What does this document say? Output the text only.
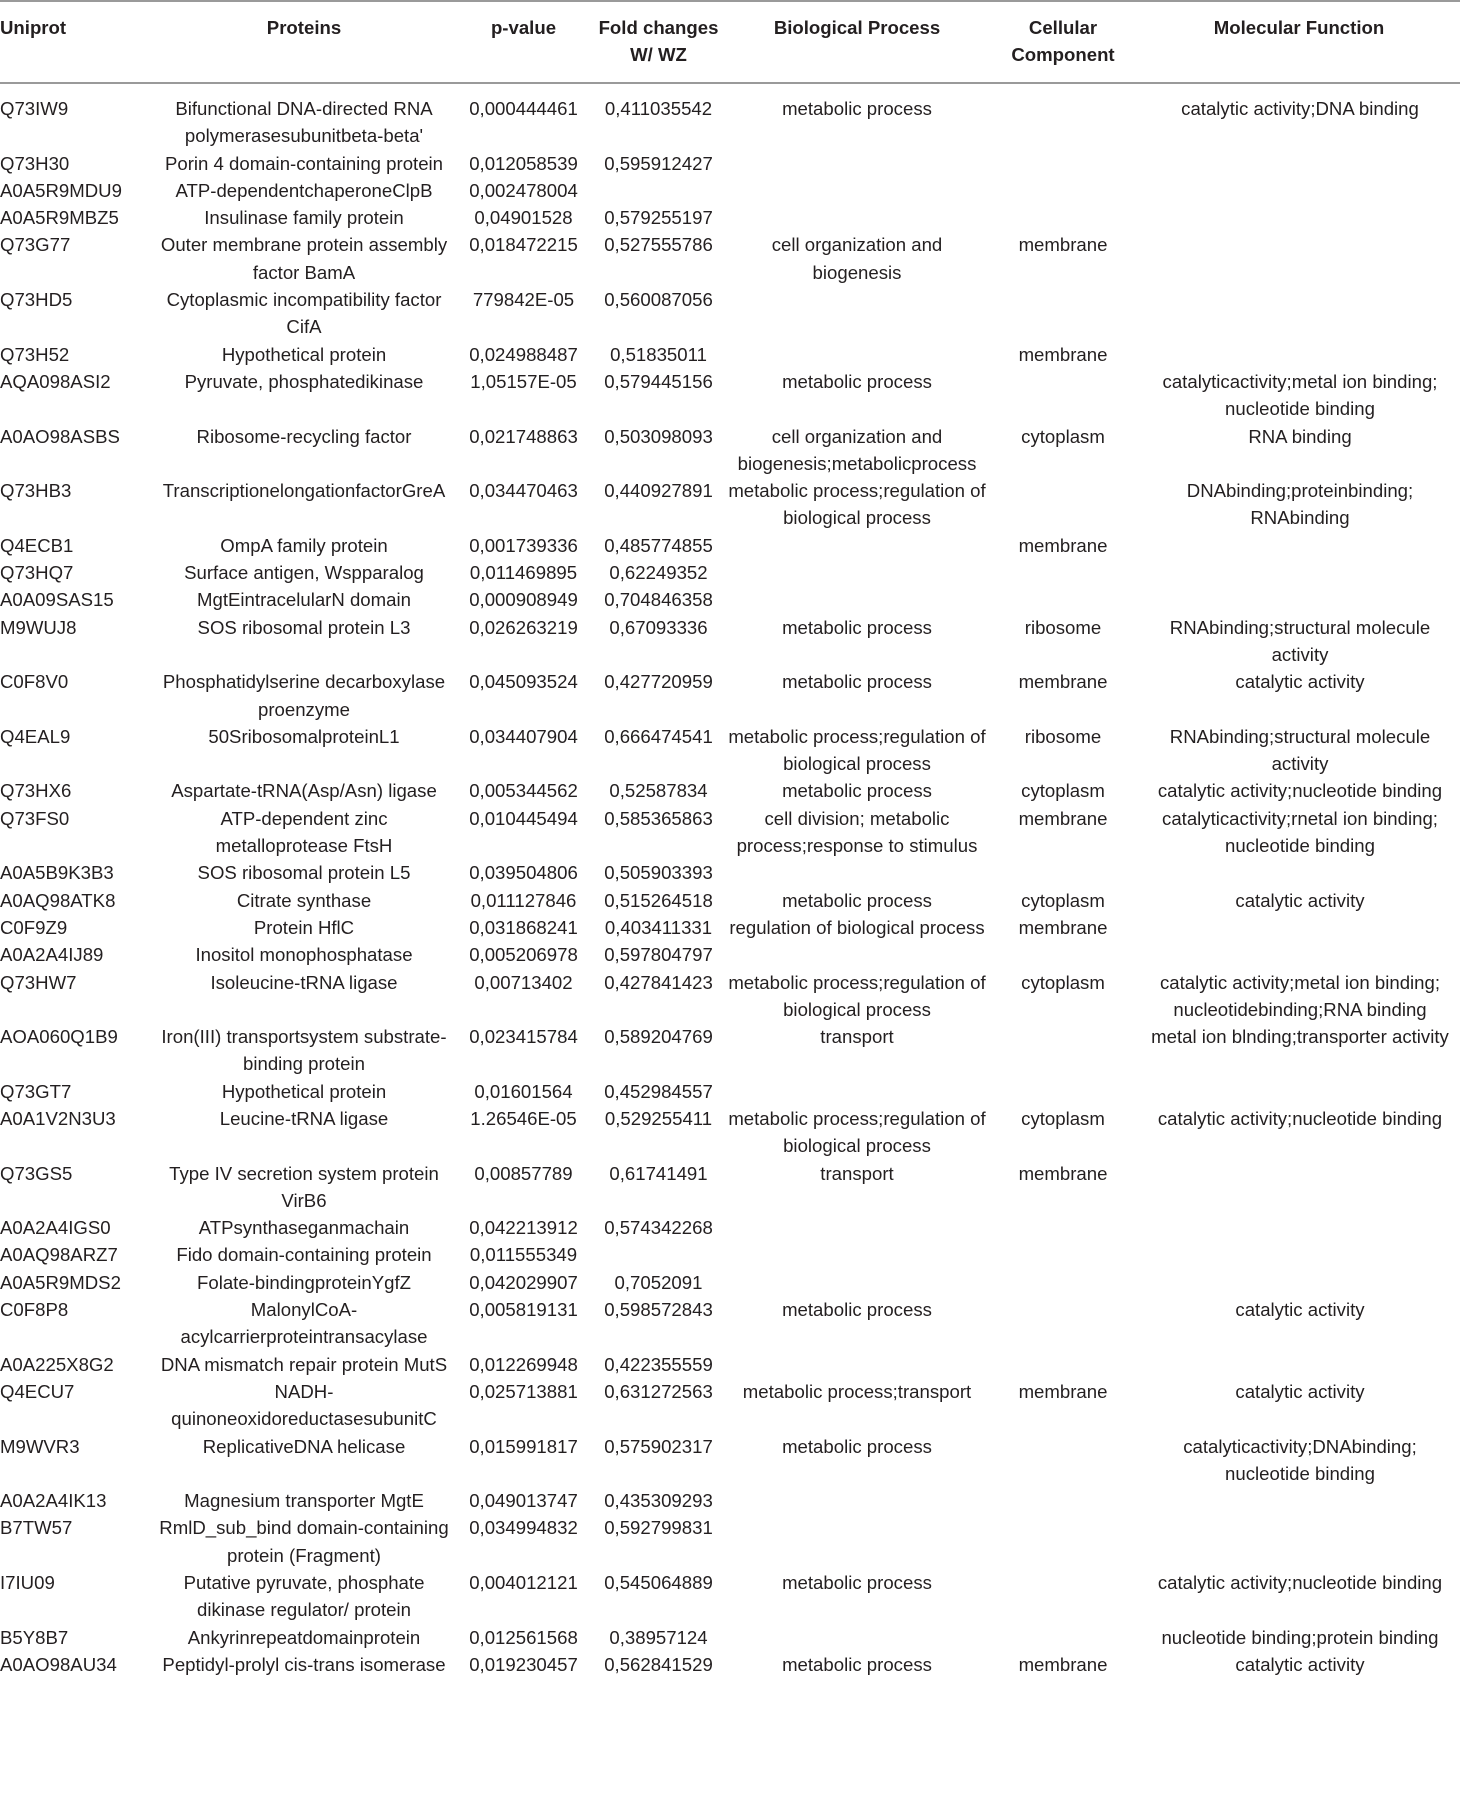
Uniprot	Proteins	p-value	Fold changes W/ WZ	Biological Process	Cellular Component	Molecular Function
Q73IW9	Bifunctional DNA-directed RNA polymerasesubunitbeta-beta'	0,000444461	0,411035542	metabolic process		catalytic activity;DNA binding
Q73H30	Porin 4 domain-containing protein	0,012058539	0,595912427			
A0A5R9MDU9	ATP-dependentchaperoneClpB	0,002478004				
A0A5R9MBZ5	Insulinase family protein	0,04901528	0,579255197			
Q73G77	Outer membrane protein assembly factor BamA	0,018472215	0,527555786	cell organization and biogenesis	membrane	
Q73HD5	Cytoplasmic incompatibility factor CifA	779842E-05	0,560087056			
Q73H52	Hypothetical protein	0,024988487	0,51835011		membrane	
AQA098ASI2	Pyruvate, phosphatedikinase	1,05157E-05	0,579445156	metabolic process		catalyticactivity;metal ion binding; nucleotide binding
A0AO98ASBS	Ribosome-recycling factor	0,021748863	0,503098093	cell organization and biogenesis;metabolicprocess	cytoplasm	RNA binding
Q73HB3	TranscriptionelongationfactorGreA	0,034470463	0,440927891	metabolic process;regulation of biological process		DNAbinding;proteinbinding; RNAbinding
Q4ECB1	OmpA family protein	0,001739336	0,485774855		membrane	
Q73HQ7	Surface antigen, Wspparalog	0,011469895	0,62249352			
A0A09SAS15	MgtEintracelularN domain	0,000908949	0,704846358			
M9WUJ8	SOS ribosomal protein L3	0,026263219	0,67093336	metabolic process	ribosome	RNAbinding;structural molecule activity
C0F8V0	Phosphatidylserine decarboxylase proenzyme	0,045093524	0,427720959	metabolic process	membrane	catalytic activity
Q4EAL9	50SribosomalproteinL1	0,034407904	0,666474541	metabolic process;regulation of biological process	ribosome	RNAbinding;structural molecule activity
Q73HX6	Aspartate-tRNA(Asp/Asn) ligase	0,005344562	0,52587834	metabolic process	cytoplasm	catalytic activity;nucleotide binding
Q73FS0	ATP-dependent zinc metalloprotease FtsH	0,010445494	0,585365863	cell division; metabolic process;response to stimulus	membrane	catalyticactivity;rnetal ion binding; nucleotide binding
A0A5B9K3B3	SOS ribosomal protein L5	0,039504806	0,505903393			
A0AQ98ATK8	Citrate synthase	0,011127846	0,515264518	metabolic process	cytoplasm	catalytic activity
C0F9Z9	Protein HflC	0,031868241	0,403411331	regulation of biological process	membrane	
A0A2A4IJ89	Inositol monophosphatase	0,005206978	0,597804797			
Q73HW7	Isoleucine-tRNA ligase	0,00713402	0,427841423	metabolic process;regulation of biological process	cytoplasm	catalytic activity;metal ion binding; nucleotidebinding;RNA binding
AOA060Q1B9	Iron(III) transportsystem substrate-binding protein	0,023415784	0,589204769	transport		metal ion blnding;transporter activity
Q73GT7	Hypothetical protein	0,01601564	0,452984557			
A0A1V2N3U3	Leucine-tRNA ligase	1.26546E-05	0,529255411	metabolic process;regulation of biological process	cytoplasm	catalytic activity;nucleotide binding
Q73GS5	Type IV secretion system protein VirB6	0,00857789	0,61741491	transport	membrane	
A0A2A4IGS0	ATPsynthaseganmachain	0,042213912	0,574342268			
A0AQ98ARZ7	Fido domain-containing protein	0,011555349				
A0A5R9MDS2	Folate-bindingproteinYgfZ	0,042029907	0,7052091			
C0F8P8	MalonylCoA-acylcarrierproteintransacylase	0,005819131	0,598572843	metabolic process		catalytic activity
A0A225X8G2	DNA mismatch repair protein MutS	0,012269948	0,422355559			
Q4ECU7	NADH-quinoneoxidoreductasesubunitC	0,025713881	0,631272563	metabolic process;transport	membrane	catalytic activity
M9WVR3	ReplicativeDNA helicase	0,015991817	0,575902317	metabolic process		catalyticactivity;DNAbinding; nucleotide binding
A0A2A4IK13	Magnesium transporter MgtE	0,049013747	0,435309293			
B7TW57	RmlD_sub_bind domain-containing protein (Fragment)	0,034994832	0,592799831			
I7IU09	Putative pyruvate, phosphate dikinase regulator/ protein	0,004012121	0,545064889	metabolic process		catalytic activity;nucleotide binding
B5Y8B7	Ankyrinrepeatdomainprotein	0,012561568	0,38957124			nucleotide binding;protein binding
A0AO98AU34	Peptidyl-prolyl cis-trans isomerase	0,019230457	0,562841529	metabolic process	membrane	catalytic activity
